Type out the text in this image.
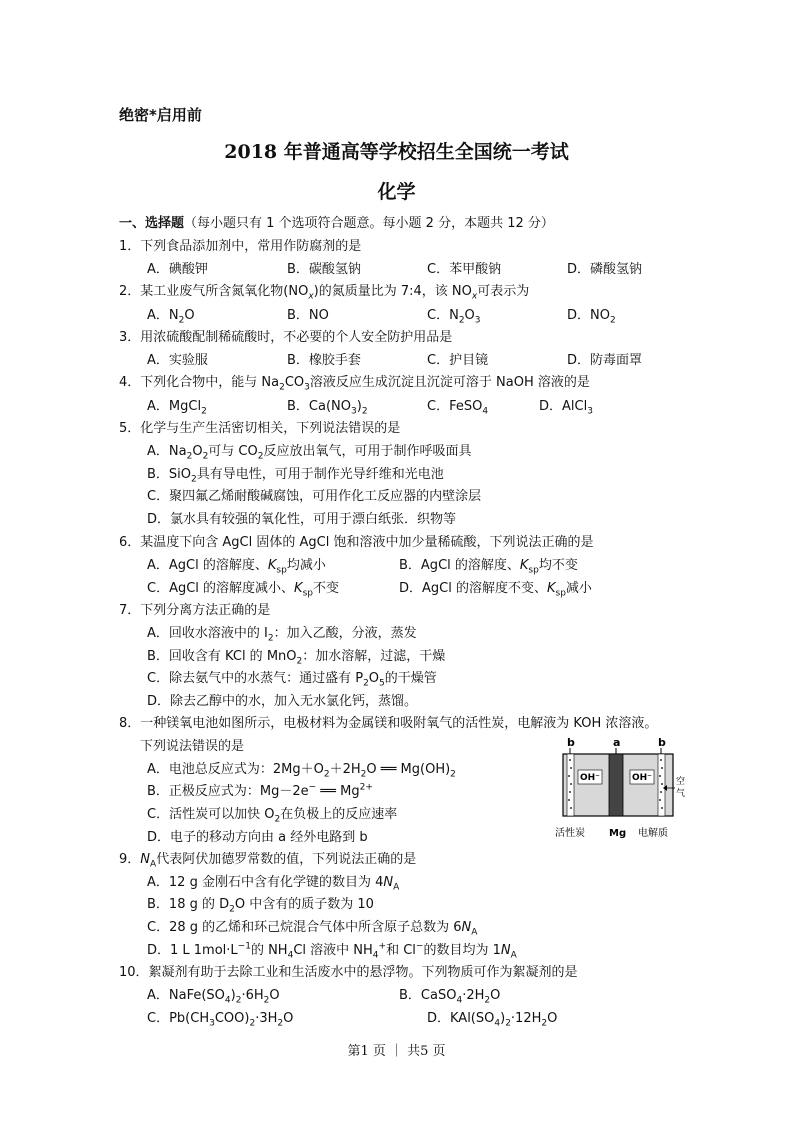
绝密*启用前
2018 年普通高等学校招生全国统一考试
化学
一、选择题（每小题只有 1 个选项符合题意。每小题 2 分，本题共 12 分）
1．下列食品添加剂中，常用作防腐剂的是
A．碘酸钾	B．碳酸氢钠	C．苯甲酸钠	D．磷酸氢钠
2．某工业废气所含氮氧化物$(NO_x)$的氮质量比为 7:4，该 $NO_x$可表示为
A．$N_2O$	B．NO	C．$N_2O_3$	D．$NO_2$
3．用浓硫酸配制稀硫酸时，不必要的个人安全防护用品是
A．实验服	B．橡胶手套	C．护目镜	D．防毒面罩
4．下列化合物中，能与 $Na_2CO_3$溶液反应生成沉淀且沉淀可溶于 NaOH 溶液的是
A．MgCl$_2$	B．$Ca(NO_3)_2$	C．FeSO$_4$	D．AlCl$_3$
5．化学与生产生活密切相关，下列说法错误的是
A．$Na_2O_2$可与 $CO_2$反应放出氧气，可用于制作呼吸面具
B．SiO$_2$具有导电性，可用于制作光导纤维和光电池
C．聚四氟乙烯耐酸碱腐蚀，可用作化工反应器的内壁涂层
D．氯水具有较强的氧化性，可用于漂白纸张．织物等
6．某温度下向含 AgCl 固体的 AgCl 饱和溶液中加少量稀硫酸，下列说法正确的是
A．AgCl 的溶解度、$K_{sp}$均减小	B．AgCl 的溶解度、$K_{sp}$均不变
C．AgCl 的溶解度减小、$K_{sp}$不变	D．AgCl 的溶解度不变、$K_{sp}$减小
7．下列分离方法正确的是
A．回收水溶液中的 $I_2$：加入乙酸，分液，蒸发
B．回收含有 KCl 的 MnO$_2$：加水溶解，过滤，干燥
C．除去氨气中的水蒸气：通过盛有 $P_2O_5$的干燥管
D．除去乙醇中的水，加入无水氯化钙，蒸馏。
8．一种镁氧电池如图所示，电极材料为金属镁和吸附氧气的活性炭，电解液为 KOH 浓溶液。
下列说法错误的是
A．电池总反应式为：$2Mg+O_2+2H_2O$ ══ $Mg(OH)_2$
B．正极反应式为：Mg－2e− ══ $Mg^{2+}$
C．活性炭可以加快 $O_2$在负极上的反应速率
D．电子的移动方向由 a 经外电路到 b
b	a	b
OH⁻	OH⁻	空
气
活性炭 Mg 电解质
9．$N_A$代表阿伏加德罗常数的值，下列说法正确的是
A．12 g 金刚石中含有化学键的数目为 $4N_A$
B．18 g 的 $D_2O$ 中含有的质子数为 10
C．28 g 的乙烯和环己烷混合气体中所含原子总数为 $6N_A$
D．1 L $1mol\cdot L^{-1}$的 $NH_4Cl$ 溶液中 $NH_4^+$和 Cl−的数目均为 $1N_A$
10．絮凝剂有助于去除工业和生活废水中的悬浮物。下列物质可作为絮凝剂的是
A．$NaFe(SO_4)_2\cdot 6H_2O$	B．$CaSO_4\cdot 2H_2O$
C．$Pb(CH_3COO)_2\cdot 3H_2O$	D．$KAl(SO_4)_2\cdot 12H_2O$
第1 页 ｜ 共5 页
